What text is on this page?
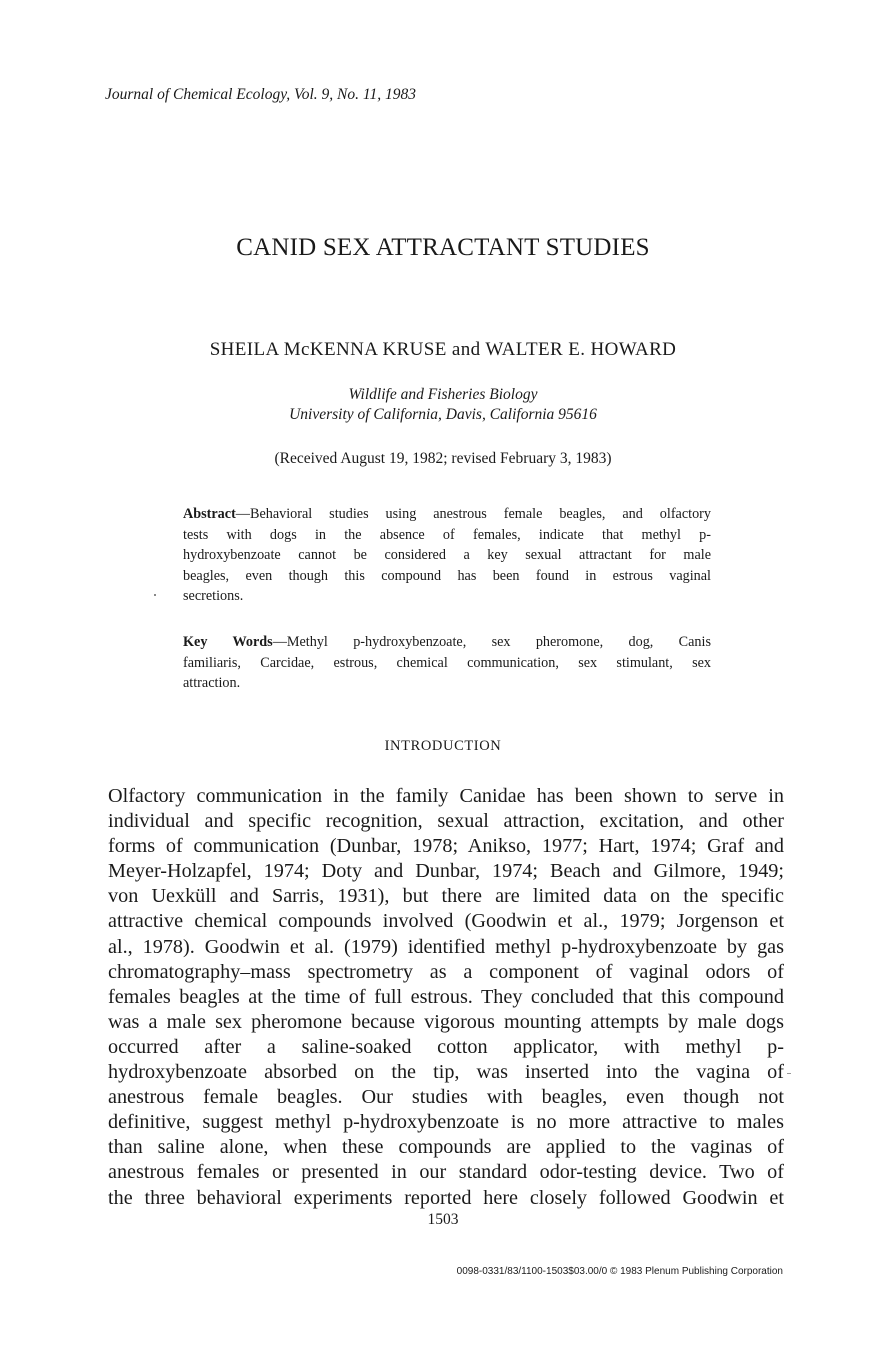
Journal of Chemical Ecology, Vol. 9, No. 11, 1983
CANID SEX ATTRACTANT STUDIES
SHEILA McKENNA KRUSE and WALTER E. HOWARD
Wildlife and Fisheries Biology
University of California, Davis, California 95616
(Received August 19, 1982; revised February 3, 1983)
Abstract—Behavioral studies using anestrous female beagles, and olfactory
tests with dogs in the absence of females, indicate that methyl p-
hydroxybenzoate cannot be considered a key sexual attractant for male
beagles, even though this compound has been found in estrous vaginal
secretions.
Key Words—Methyl p-hydroxybenzoate, sex pheromone, dog, Canis
familiaris, Carcidae, estrous, chemical communication, sex stimulant, sex
attraction.
INTRODUCTION
Olfactory communication in the family Canidae has been shown to serve in
individual and specific recognition, sexual attraction, excitation, and other
forms of communication (Dunbar, 1978; Anikso, 1977; Hart, 1974; Graf and
Meyer-Holzapfel, 1974; Doty and Dunbar, 1974; Beach and Gilmore, 1949;
von Uexküll and Sarris, 1931), but there are limited data on the specific
attractive chemical compounds involved (Goodwin et al., 1979; Jorgenson et
al., 1978). Goodwin et al. (1979) identified methyl p-hydroxybenzoate by gas
chromatography–mass spectrometry as a component of vaginal odors of
females beagles at the time of full estrous. They concluded that this compound
was a male sex pheromone because vigorous mounting attempts by male dogs
occurred after a saline-soaked cotton applicator, with methyl p-
hydroxybenzoate absorbed on the tip, was inserted into the vagina of
anestrous female beagles. Our studies with beagles, even though not
definitive, suggest methyl p-hydroxybenzoate is no more attractive to males
than saline alone, when these compounds are applied to the vaginas of
anestrous females or presented in our standard odor-testing device. Two of
the three behavioral experiments reported here closely followed Goodwin et
1503
0098-0331/83/1100-1503$03.00/0 © 1983 Plenum Publishing Corporation
